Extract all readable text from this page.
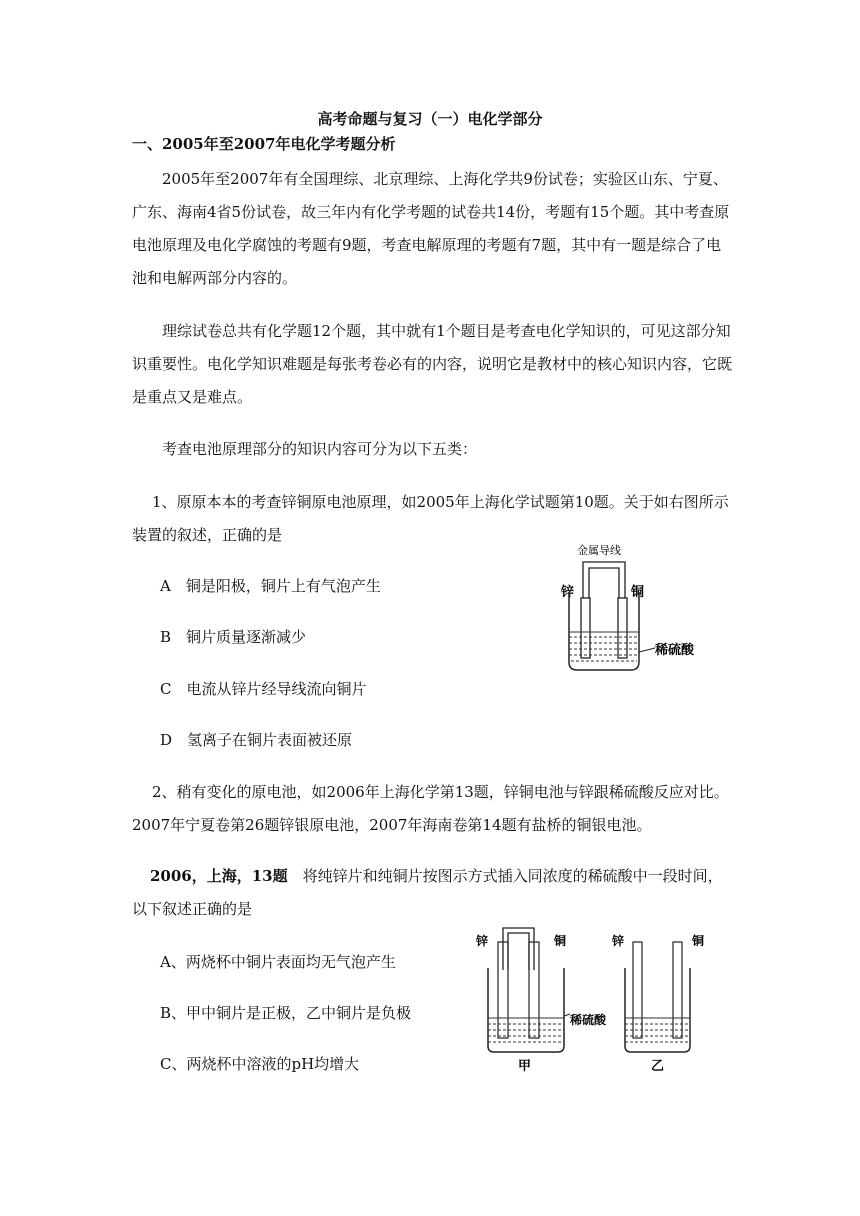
高考命题与复习（一）电化学部分
一、2005年至2007年电化学考题分析
2005年至2007年有全国理综、北京理综、上海化学共9份试卷；实验区山东、宁夏、广东、海南4省5份试卷，故三年内有化学考题的试卷共14份，考题有15个题。其中考查原电池原理及电化学腐蚀的考题有9题，考查电解原理的考题有7题，其中有一题是综合了电池和电解两部分内容的。
理综试卷总共有化学题12个题，其中就有1个题目是考查电化学知识的，可见这部分知识重要性。电化学知识难题是每张考卷必有的内容，说明它是教材中的核心知识内容，它既是重点又是难点。
考查电池原理部分的知识内容可分为以下五类：
1、原原本本的考查锌铜原电池原理，如2005年上海化学试题第10题。关于如右图所示装置的叙述，正确的是
A　铜是阳极，铜片上有气泡产生
B　铜片质量逐渐减少
C　电流从锌片经导线流向铜片
D　氢离子在铜片表面被还原
金属导线
锌	铜
稀硫酸
2、稍有变化的原电池，如2006年上海化学第13题，锌铜电池与锌跟稀硫酸反应对比。2007年宁夏卷第26题锌银原电池，2007年海南卷第14题有盐桥的铜银电池。
2006，上海，13题　 将纯锌片和纯铜片按图示方式插入同浓度的稀硫酸中一段时间，以下叙述正确的是
A、两烧杯中铜片表面均无气泡产生
B、甲中铜片是正极，乙中铜片是负极
C、两烧杯中溶液的pH均增大
锌	铜
甲
稀硫酸
锌	铜
乙
